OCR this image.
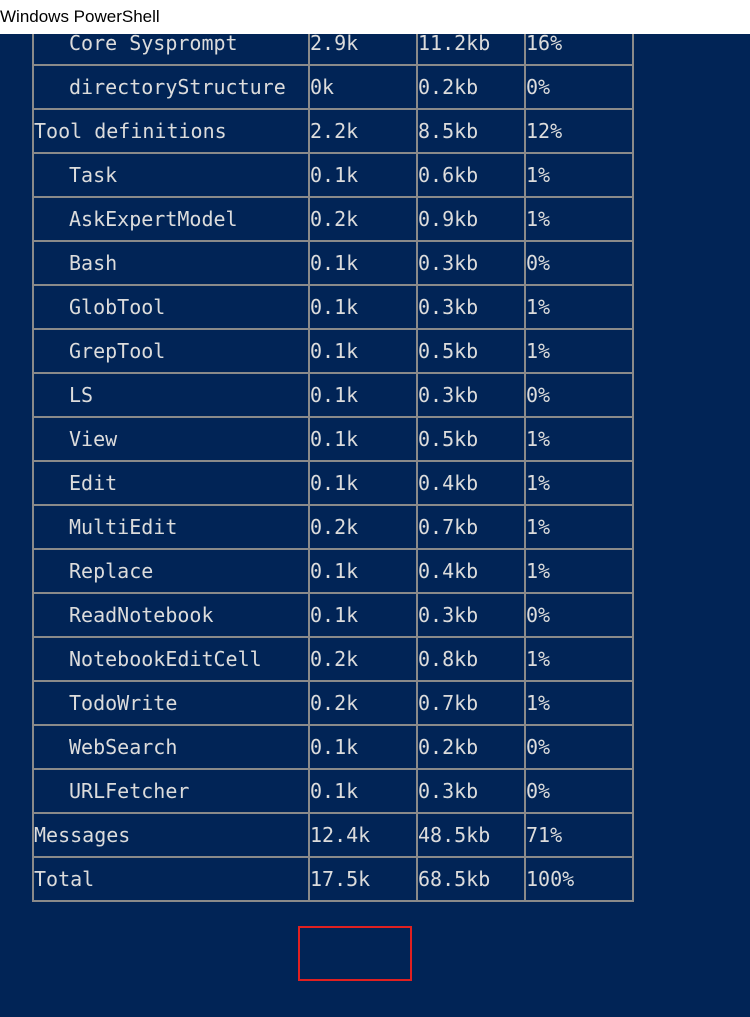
Windows PowerShell
Core Sysprompt	2.9k	11.2kb	16%
directoryStructure	0k	0.2kb	0%
Tool definitions	2.2k	8.5kb	12%
Task	0.1k	0.6kb	1%
AskExpertModel	0.2k	0.9kb	1%
Bash	0.1k	0.3kb	0%
GlobTool	0.1k	0.3kb	1%
GrepTool	0.1k	0.5kb	1%
LS	0.1k	0.3kb	0%
View	0.1k	0.5kb	1%
Edit	0.1k	0.4kb	1%
MultiEdit	0.2k	0.7kb	1%
Replace	0.1k	0.4kb	1%
ReadNotebook	0.1k	0.3kb	0%
NotebookEditCell	0.2k	0.8kb	1%
TodoWrite	0.2k	0.7kb	1%
WebSearch	0.1k	0.2kb	0%
URLFetcher	0.1k	0.3kb	0%
Messages	12.4k	48.5kb	71%
Total	17.5k	68.5kb	100%
